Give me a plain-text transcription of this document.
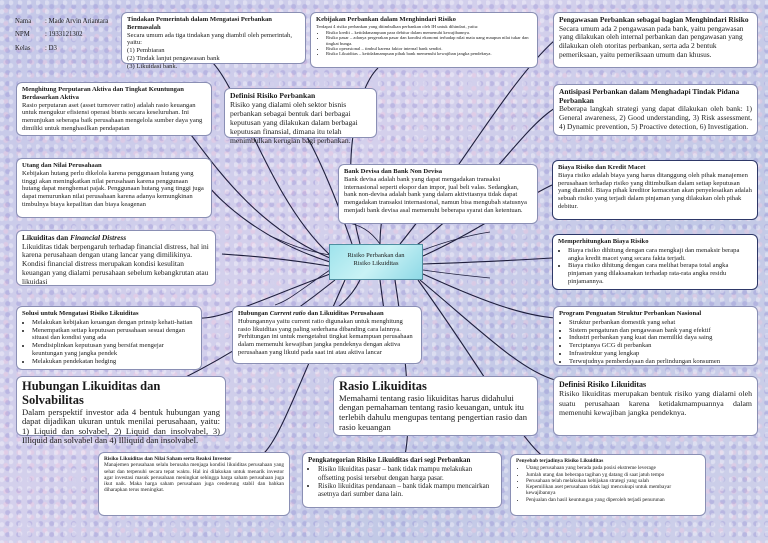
Nama : Made Arvin Ariantara
NPM : 1933121302
Kelas : D3
Tindakan Pemerintah dalam Mengatasi Perbankan Bermasalah
Secara umum ada tiga tindakan yang diambil oleh pemerintah, yaitu:
(1) Pembiaran
(2) Tindak lanjut pengawasan bank
(3) Likuidasi bank.
Kebijakan Perbankan dalam Menghindari Risiko
Terdapat 4 risiko perbankan yang ditimbulkan perbankan oleh IH untuk dihindari, yaitu:
• Risiko kredit – ketidakmampuan para debitur dalam memenuhi kewajibannya.
• Risiko pasar – adanya pergerakan pasar dan kondisi ekonomi terhadap nilai mata uang maupun nilai tukar dan tingkat bunga.
• Risiko operasional – timbul karena faktor internal bank sendiri.
• Risiko Likuiditas – ketidakmampuan pihak bank memenuhi kewajiban jangka pendeknya.
Pengawasan Perbankan sebagai bagian Menghindari Risiko
Secara umum ada 2 pengawasan pada bank, yaitu pengawasan yang dilakukan oleh internal perbankan dan pengawasan yang dilakukan oleh otoritas perbankan, serta ada 2 bentuk pemeriksaan, yaitu pemeriksaan umum dan khusus.
Menghitung Perputaran Aktiva dan Tingkat Keuntungan Berdasarkan Aktiva
Rasio perputaran aset (asset turnover ratio) adalah rasio keuangan untuk mengukur efisiensi operasi bisnis secara keseluruhan. Ini menunjukan seberapa baik perusahaan mengelola sumber daya yang dimiliki untuk menghasilkan pendapatan
Definisi Risiko Perbankan
Risiko yang dialami oleh sektor bisnis perbankan sebagai bentuk dari berbagai keputusan yang dilakukan dalam berbagai keputusan finansial, dimana itu telah menimbulkan kerugian bagi perbankan.
Antisipasi Perbankan dalam Menghadapi Tindak Pidana Perbankan
Beberapa langkah strategi yang dapat dilakukan oleh bank: 1) General awareness, 2) Good understanding, 3) Risk assessment, 4) Dynamic prevention, 5) Proactive detection, 6) Investigation.
Utang dan Nilai Perusahaan
Kebijakan hutang perlu dikelola karena penggunaan hutang yang tinggi akan meningkatkan nilai perusahaan karena penggunaan hutang dapat menghemat pajak. Penggunaan hutang yang tinggi juga dapat menurunkan nilai perusahaan karena adanya kemungkinan timbulnya biaya kepailitan dan biaya keagenan
Bank Devisa dan Bank Non Devisa
Bank devisa adalah bank yang dapat mengadakan transaksi internasional seperti ekspor dan impor, jual beli valas. Sedangkan, bank non-devisa adalah bank yang dalam aktivitasnya tidak dapat mengadakan transaksi internasional, namun bisa mengubah statusnya menjadi bank devisa asal memenuhi beberapa syarat dan ketentuan.
Biaya Risiko dan Kredit Macet
Biaya risiko adalah biaya yang harus ditanggung oleh pihak manajemen perusahaan terhadap risiko yang ditimbulkan dalam setiap keputusan yang diambil. Biaya pihak kreditor kemacetan akan penyelesaikan adalah sebuah risiko yang terjadi dalam pinjaman yang dilakukan oleh pihak debitur.
Likuiditas dan Financial Distress
Likuiditas tidak berpengaruh terhadap financial distress, hal ini karena perusahaan dengan utang lancar yang dimilikinya. Kondisi financial distress merupakan kondisi kesulitan keuangan yang dialami perusahaan sebelum kebangkrutan atau likuidasi
Risiko Perbankan dan
Risiko Likuiditas
Memperhitungkan Biaya Risiko
• Biaya risiko dihitung dengan cara mengkaji dan menaksir berapa angka kredit macet yang secara fakta terjadi.
• Biaya risiko dihitung dengan cara melihat berapa total angka pinjaman yang dilaksanakan terhadap rata-rata angka residu pinjamannya.
Solusi untuk Mengatasi Risiko Likuiditas
• Melakukan kebijakan keuangan dengan prinsip kehati-hatian
• Menempatkan setiap keputusan perusahaan sesuai dengan situasi dan kondisi yang ada
• Mendisiplinkan keputusan yang bersifat mengejar keuntungan yang jangka pendek
• Melakukan pendekatan hedging
Hubungan Current ratio dan Likuiditas Perusahaan
Hubungannya yaitu current ratio digunakan untuk menghitung rasio likuiditas yang paling sederhana dibanding cara lainnya. Perhitungan ini untuk mengetahui tingkat kemampuan perusahaan dalam memenuhi kewajiban jangka pendeknya dengan aktiva perusahaan yang likuid pada saat ini atau aktiva lancar
Program Penguatan Struktur Perbankan Nasional
• Struktur perbankan domestik yang sehat
• Sistem pengaturan dan pengawasan bank yang efektif
• Industri perbankan yang kuat dan memiliki daya saing
• Terciptanya GCG di perbankan
• Infrastruktur yang lengkap
• Terwujudnya pemberdayaan dan perlindungan konsumen
Hubungan Likuiditas dan Solvabilitas
Dalam perspektif investor ada 4 bentuk hubungan yang dapat dijadikan ukuran untuk menilai perusahaan, yaitu: 1) Liquid dan solvabel, 2) Liquid dan insolvabel, 3) Illiquid dan solvabel dan 4) Illiquid dan insolvabel.
Rasio Likuiditas
Memahami tentang rasio likuiditas harus didahului dengan pemahaman tentang rasio keuangan, untuk itu terlebih dahulu mengupas tentang pengertian rasio dan rasio keuangan
Definisi Risiko Likuiditas
Risiko likuiditas merupakan bentuk risiko yang dialami oleh suatu perusahaan karena ketidakmampuannya dalam memenuhi kewajiban jangka pendeknya.
Risiko Likuiditas dan Nilai Saham serta Reaksi Investor
Manajemen perusahaan selalu berusaha menjaga kondisi likuiditas perusahaan yang sehat dan terpenuhi secara tepat waktu. Hal ini dilakukan untuk menarik investor agar investasi masuk perusahaan meningkat sehingga harga saham perusahaan juga ikut naik. Maka harga saham perusahaan juga cenderung stabil dan bahkan diharapkan terus meningkat.
Pengkategorian Risiko Likuiditas dari segi Perbankan
• Risiko likuiditas pasar – bank tidak mampu melakukan offsetting posisi tersebut dengan harga pasar.
• Risiko likuiditas pendanaan – bank tidak mampu mencairkan asetnya dari sumber dana lain.
Penyebab terjadinya Risiko Likuiditas
• Utang perusahaan yang berada pada posisi ekstreme leverage
• Jumlah utang dan beberapa tagihan yg datang di saat jatuh tempo
• Perusahaan telah melakukan kebijakan strategi yang salah
• Kepemilikan aset perusahaan tidak lagi mencukupi untuk membayar kewajibannya
• Penjualan dan hasil keuntungan yang diperoleh terjadi penurunan
